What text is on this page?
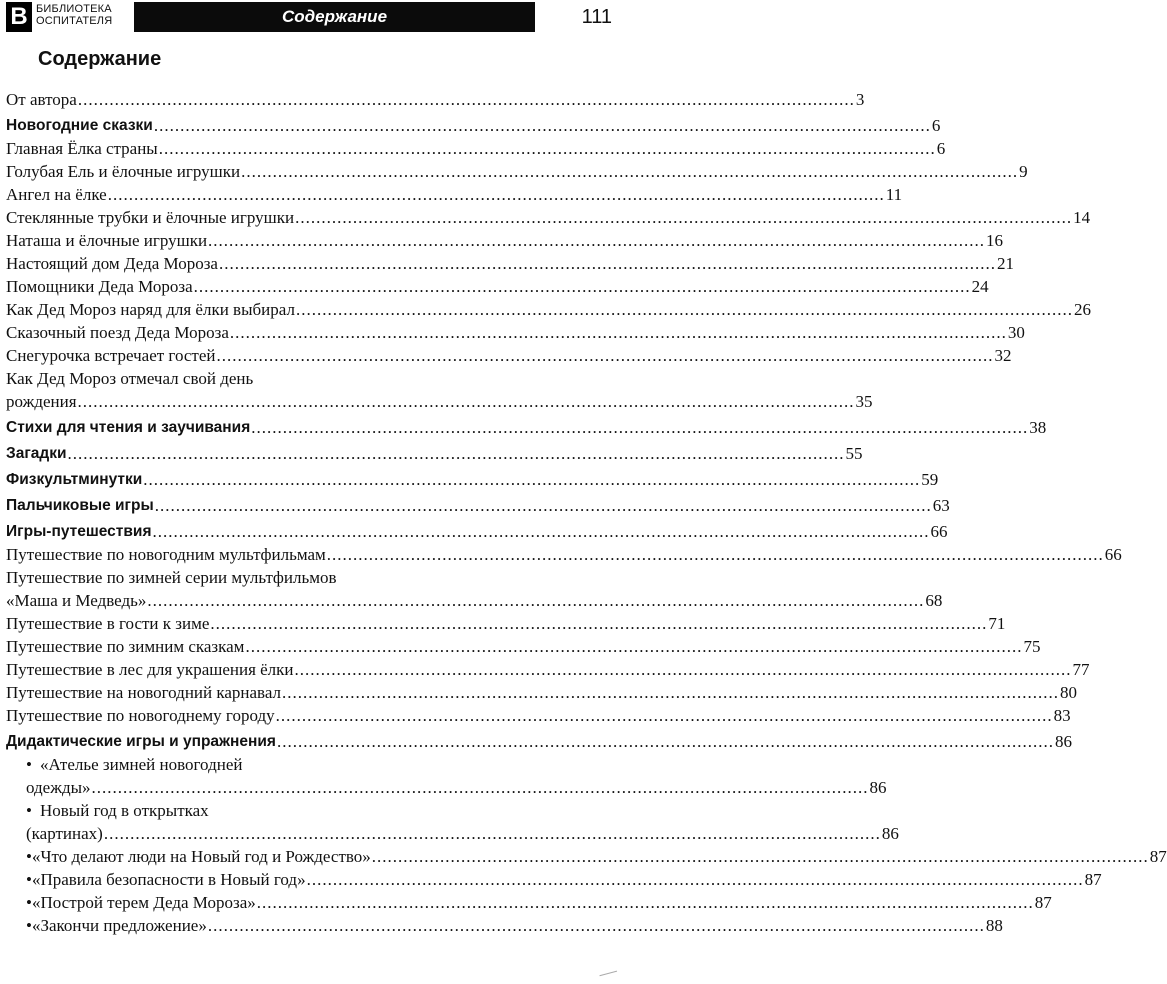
B БИБЛИОТЕКА
ОСПИТАТЕЛЯ	Содержание	111
Содержание
От автора .................................................................................................................................................... 3
Новогодние сказки .................................................................................................................................................... 6
Главная Ёлка страны .................................................................................................................................................... 6
Голубая Ель и ёлочные игрушки .................................................................................................................................................... 9
Ангел на ёлке .................................................................................................................................................... 11
Стеклянные трубки и ёлочные игрушки .................................................................................................................................................... 14
Наташа и ёлочные игрушки .................................................................................................................................................... 16
Настоящий дом Деда Мороза .................................................................................................................................................... 21
Помощники Деда Мороза .................................................................................................................................................... 24
Как Дед Мороз наряд для ёлки выбирал .................................................................................................................................................... 26
Сказочный поезд Деда Мороза .................................................................................................................................................... 30
Снегурочка встречает гостей .................................................................................................................................................... 32
Как Дед Мороз отмечал свой день
рождения .................................................................................................................................................... 35
Стихи для чтения и заучивания .................................................................................................................................................... 38
Загадки .................................................................................................................................................... 55
Физкультминутки .................................................................................................................................................... 59
Пальчиковые игры .................................................................................................................................................... 63
Игры-путешествия .................................................................................................................................................... 66
Путешествие по новогодним мультфильмам .................................................................................................................................................... 66
Путешествие по зимней серии мультфильмов
«Маша и Медведь» .................................................................................................................................................... 68
Путешествие в гости к зиме .................................................................................................................................................... 71
Путешествие по зимним сказкам .................................................................................................................................................... 75
Путешествие в лес для украшения ёлки .................................................................................................................................................... 77
Путешествие на новогодний карнавал .................................................................................................................................................... 80
Путешествие по новогоднему городу .................................................................................................................................................... 83
Дидактические игры и упражнения .................................................................................................................................................... 86
• «Ателье зимней новогодней
одежды» .................................................................................................................................................... 86
• Новый год в открытках
(картинах) .................................................................................................................................................... 86
• «Что делают люди на Новый год и Рождество» .................................................................................................................................................... 87
• «Правила безопасности в Новый год» .................................................................................................................................................... 87
• «Построй терем Деда Мороза» .................................................................................................................................................... 87
• «Закончи предложение» .................................................................................................................................................... 88
